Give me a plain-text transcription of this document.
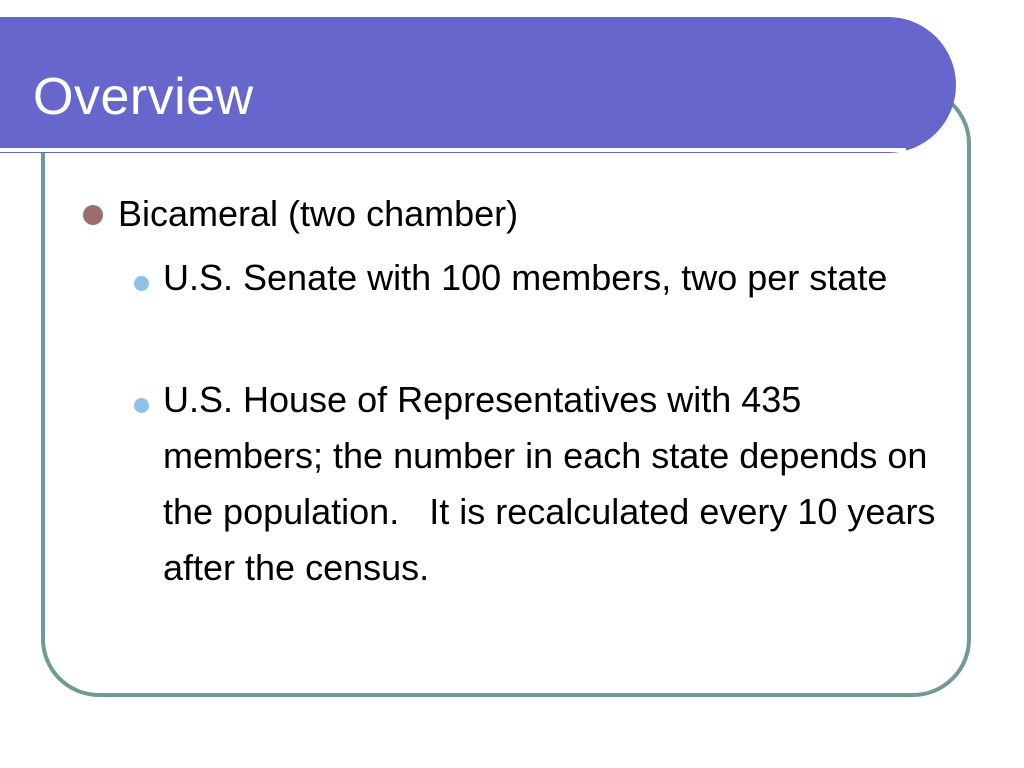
Overview
Bicameral (two chamber)
U.S. Senate with 100 members, two per state
U.S. House of Representatives with 435 members; the number in each state depends on the population.   It is recalculated every 10 years after the census.
